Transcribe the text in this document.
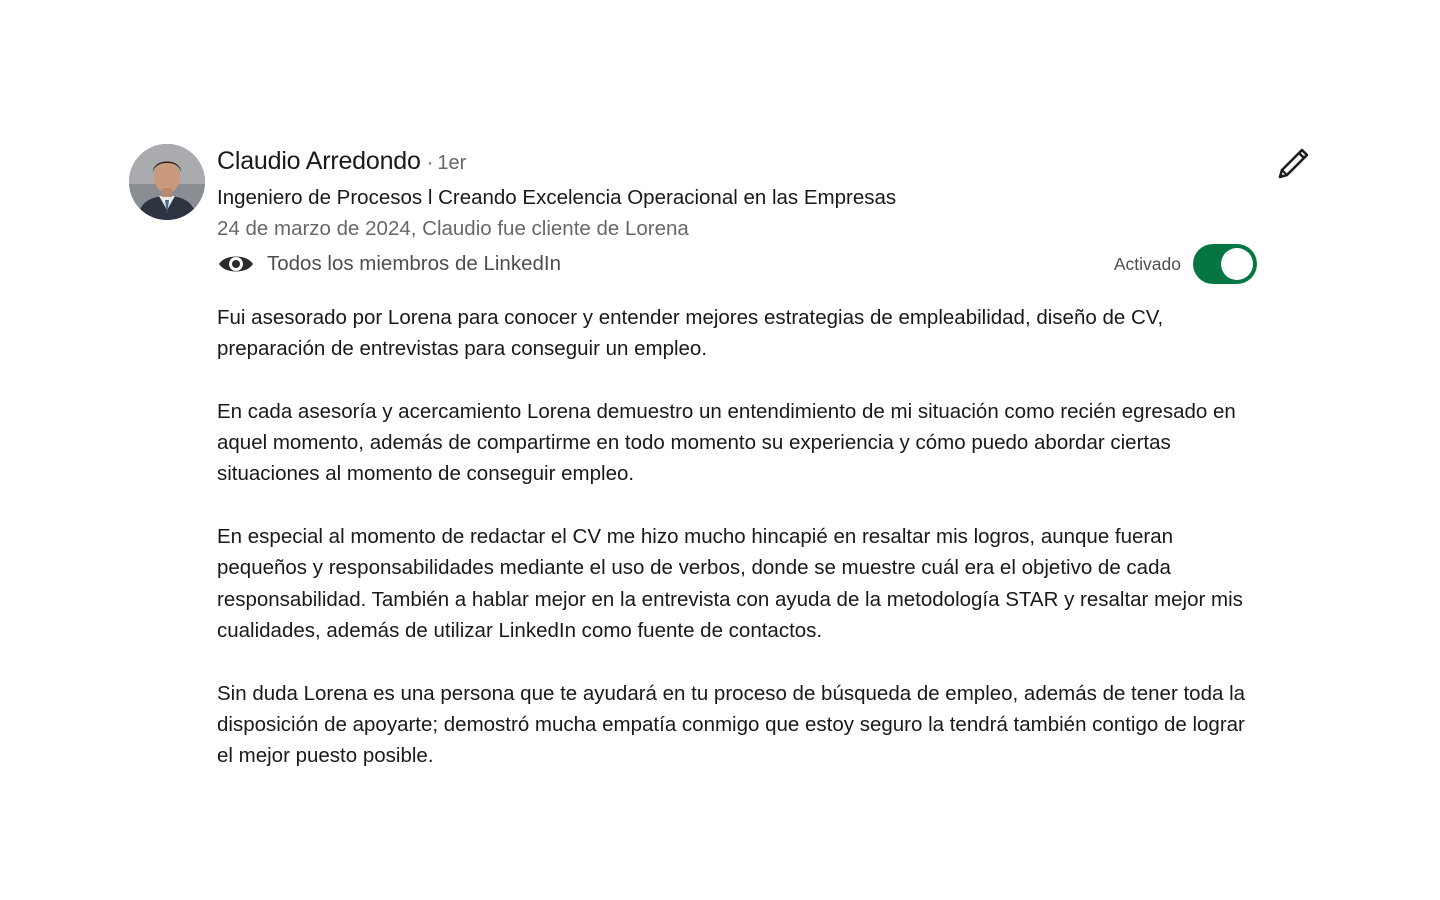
Claudio Arredondo · 1er
Ingeniero de Procesos l Creando Excelencia Operacional en las Empresas
24 de marzo de 2024, Claudio fue cliente de Lorena
Todos los miembros de LinkedIn	Activado

Fui asesorado por Lorena para conocer y entender mejores estrategias de empleabilidad, diseño de CV, preparación de entrevistas para conseguir un empleo.

En cada asesoría y acercamiento Lorena demuestro un entendimiento de mi situación como recién egresado en aquel momento, además de compartirme en todo momento su experiencia y cómo puedo abordar ciertas situaciones al momento de conseguir empleo.

En especial al momento de redactar el CV me hizo mucho hincapié en resaltar mis logros, aunque fueran pequeños y responsabilidades mediante el uso de verbos, donde se muestre cuál era el objetivo de cada responsabilidad. También a hablar mejor en la entrevista con ayuda de la metodología STAR y resaltar mejor mis cualidades, además de utilizar LinkedIn como fuente de contactos.

Sin duda Lorena es una persona que te ayudará en tu proceso de búsqueda de empleo, además de tener toda la disposición de apoyarte; demostró mucha empatía conmigo que estoy seguro la tendrá también contigo de lograr el mejor puesto posible.
